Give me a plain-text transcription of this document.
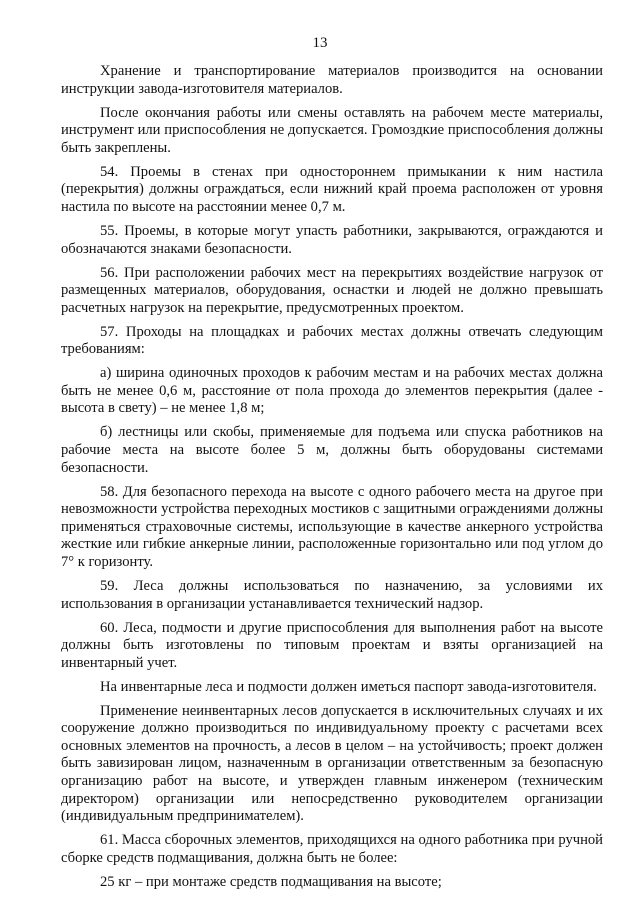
13

Хранение и транспортирование материалов производится на основании инструкции завода-изготовителя материалов.

После окончания работы или смены оставлять на рабочем месте материалы, инструмент или приспособления не допускается. Громоздкие приспособления должны быть закреплены.

54. Проемы в стенах при одностороннем примыкании к ним настила (перекрытия) должны ограждаться, если нижний край проема расположен от уровня настила по высоте на расстоянии менее 0,7 м.

55. Проемы, в которые могут упасть работники, закрываются, ограждаются и обозначаются знаками безопасности.

56. При расположении рабочих мест на перекрытиях воздействие нагрузок от размещенных материалов, оборудования, оснастки и людей не должно превышать расчетных нагрузок на перекрытие, предусмотренных проектом.

57. Проходы на площадках и рабочих местах должны отвечать следующим требованиям:

а) ширина одиночных проходов к рабочим местам и на рабочих местах должна быть не менее 0,6 м, расстояние от пола прохода до элементов перекрытия (далее - высота в свету) – не менее 1,8 м;

б) лестницы или скобы, применяемые для подъема или спуска работников на рабочие места на высоте более 5 м, должны быть оборудованы системами безопасности.

58. Для безопасного перехода на высоте с одного рабочего места на другое при невозможности устройства переходных мостиков с защитными ограждениями должны применяться страховочные системы, использующие в качестве анкерного устройства жесткие или гибкие анкерные линии, расположенные горизонтально или под углом до 7° к горизонту.

59. Леса должны использоваться по назначению, за условиями их использования в организации устанавливается технический надзор.

60. Леса, подмости и другие приспособления для выполнения работ на высоте должны быть изготовлены по типовым проектам и взяты организацией на инвентарный учет.

На инвентарные леса и подмости должен иметься паспорт завода-изготовителя.

Применение неинвентарных лесов допускается в исключительных случаях и их сооружение должно производиться по индивидуальному проекту с расчетами всех основных элементов на прочность, а лесов в целом – на устойчивость; проект должен быть завизирован лицом, назначенным в организации ответственным за безопасную организацию работ на высоте, и утвержден главным инженером (техническим директором) организации или непосредственно руководителем организации (индивидуальным предпринимателем).

61. Масса сборочных элементов, приходящихся на одного работника при ручной сборке средств подмащивания, должна быть не более:

25 кг – при монтаже средств подмащивания на высоте;
